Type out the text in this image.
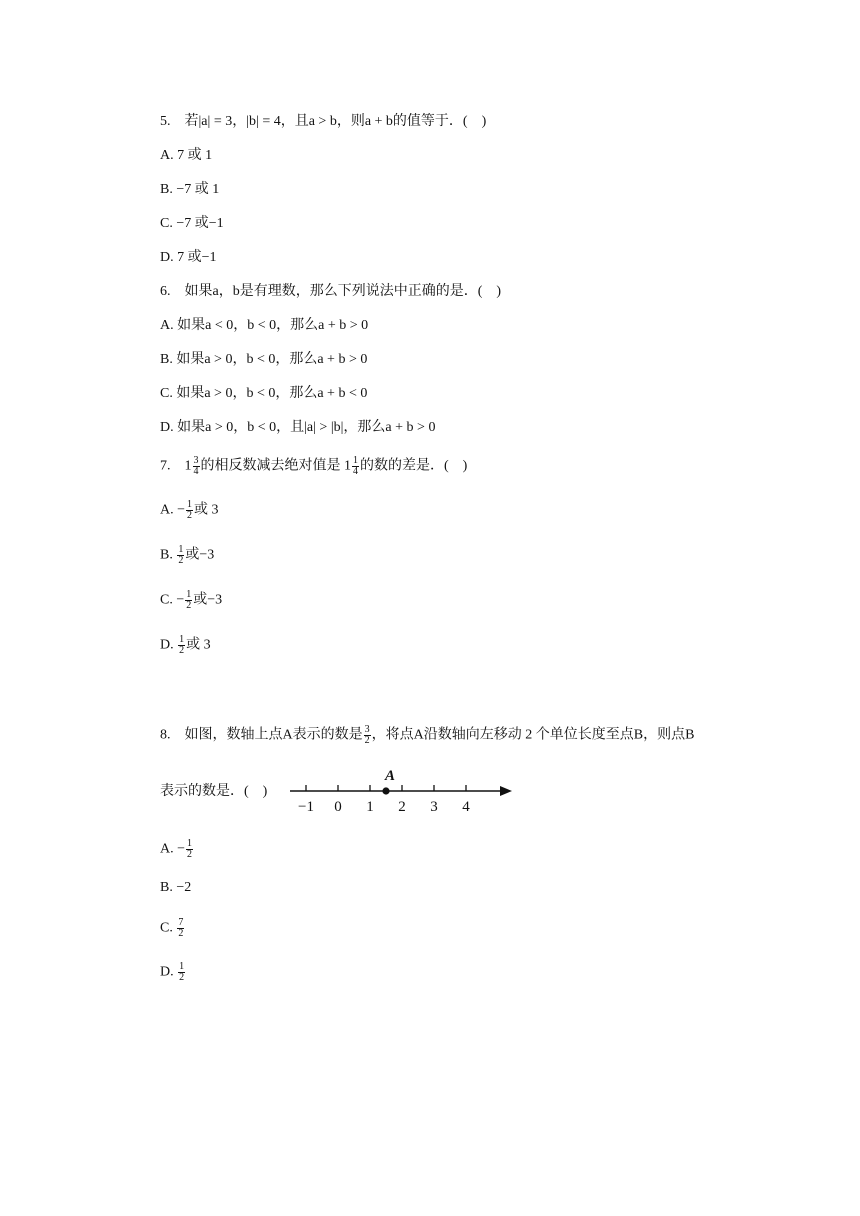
5.　若|a| = 3，|b| = 4，且a > b，则a + b的值等于．(　)
A. 7 或 1
B. −7 或 1
C. −7 或−1
D. 7 或−1
6.　如果a，b是有理数，那么下列说法中正确的是．(　)
A. 如果a < 0，b < 0，那么a + b > 0
B. 如果a > 0，b < 0，那么a + b > 0
C. 如果a > 0，b < 0，那么a + b < 0
D. 如果a > 0，b < 0，且|a| > |b|，那么a + b > 0
7.　$1 \frac{3}{4}$ 的相反数减去绝对值是 $1 \frac{1}{4}$ 的数的差是．(　)
A. − $\frac{1}{2}$ 或 3
B. $\frac{1}{2}$ 或−3
C. − $\frac{1}{2}$ 或−3
D. $\frac{1}{2}$ 或 3
8.　如图，数轴上点A表示的数是 $\frac{3}{2}$ ，将点A沿数轴向左移动 2 个单位长度至点B，则点B
表示的数是．(　)
−1 0 1 2 3 4
A
A. − $\frac{1}{2}$
B. −2
C. $\frac{7}{2}$
D. $\frac{1}{2}$
